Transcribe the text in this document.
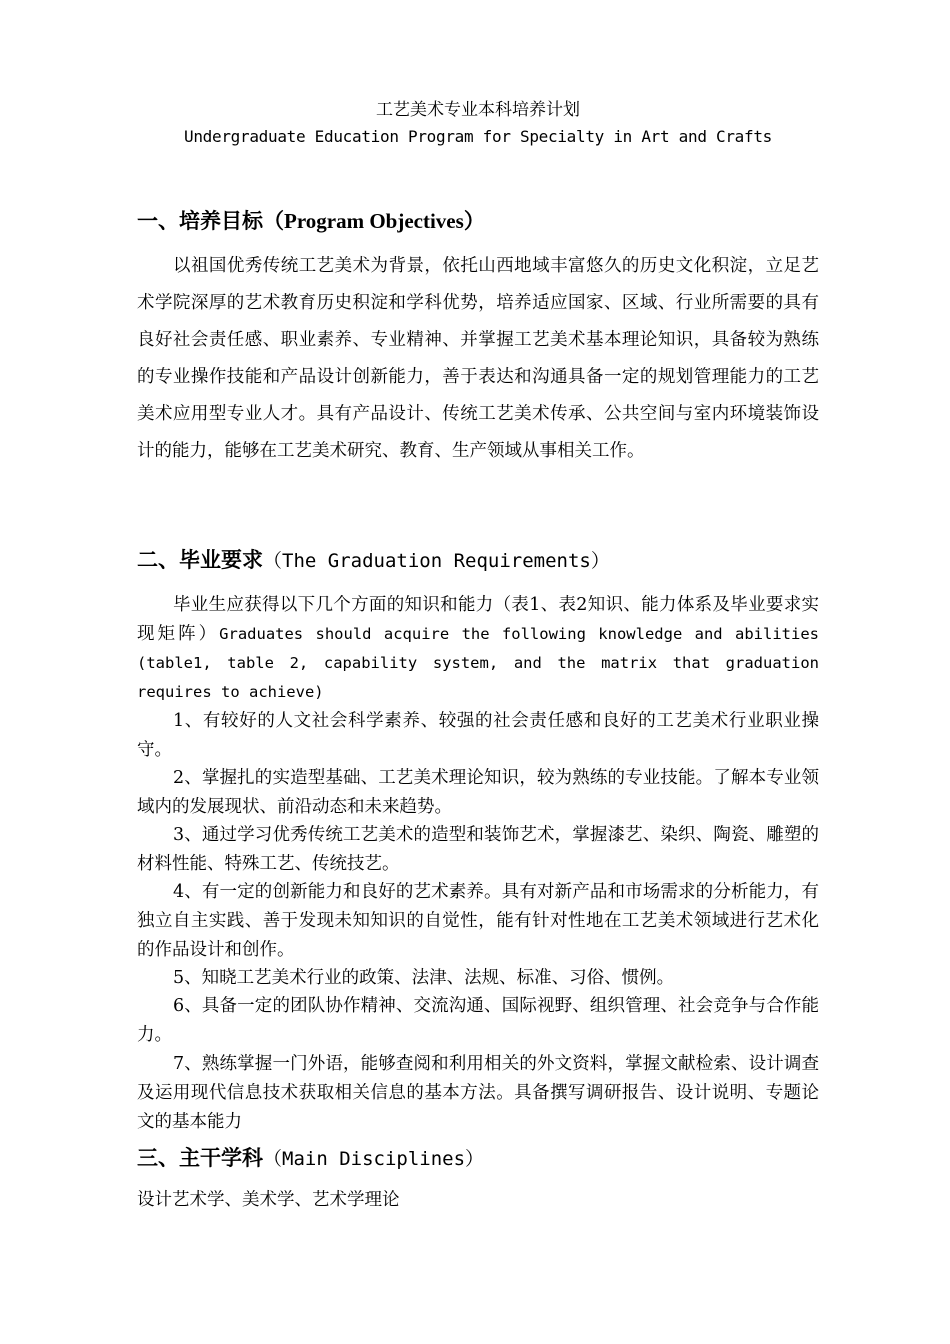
工艺美术专业本科培养计划
Undergraduate Education Program for Specialty in Art and Crafts
一、培养目标（Program Objectives）

以祖国优秀传统工艺美术为背景，依托山西地域丰富悠久的历史文化积淀，立足艺术学院深厚的艺术教育历史积淀和学科优势，培养适应国家、区域、行业所需要的具有良好社会责任感、职业素养、专业精神、并掌握工艺美术基本理论知识，具备较为熟练的专业操作技能和产品设计创新能力，善于表达和沟通具备一定的规划管理能力的工艺美术应用型专业人才。具有产品设计、传统工艺美术传承、公共空间与室内环境装饰设计的能力，能够在工艺美术研究、教育、生产领域从事相关工作。

二、毕业要求（The Graduation Requirements）

毕业生应获得以下几个方面的知识和能力（表1、表2知识、能力体系及毕业要求实现矩阵）Graduates should acquire the following knowledge and abilities (table1, table 2, capability system, and the matrix that graduation requires to achieve)

1、有较好的人文社会科学素养、较强的社会责任感和良好的工艺美术行业职业操守。

2、掌握扎的实造型基础、工艺美术理论知识，较为熟练的专业技能。了解本专业领域内的发展现状、前沿动态和未来趋势。

3、通过学习优秀传统工艺美术的造型和装饰艺术，掌握漆艺、染织、陶瓷、雕塑的材料性能、特殊工艺、传统技艺。

4、有一定的创新能力和良好的艺术素养。具有对新产品和市场需求的分析能力，有独立自主实践、善于发现未知知识的自觉性，能有针对性地在工艺美术领域进行艺术化的作品设计和创作。

5、知晓工艺美术行业的政策、法津、法规、标准、习俗、惯例。

6、具备一定的团队协作精神、交流沟通、国际视野、组织管理、社会竞争与合作能力。

7、熟练掌握一门外语，能够查阅和利用相关的外文资料，掌握文献检索、设计调查及运用现代信息技术获取相关信息的基本方法。具备撰写调研报告、设计说明、专题论文的基本能力

三、主干学科（Main Disciplines）

设计艺术学、美术学、艺术学理论
